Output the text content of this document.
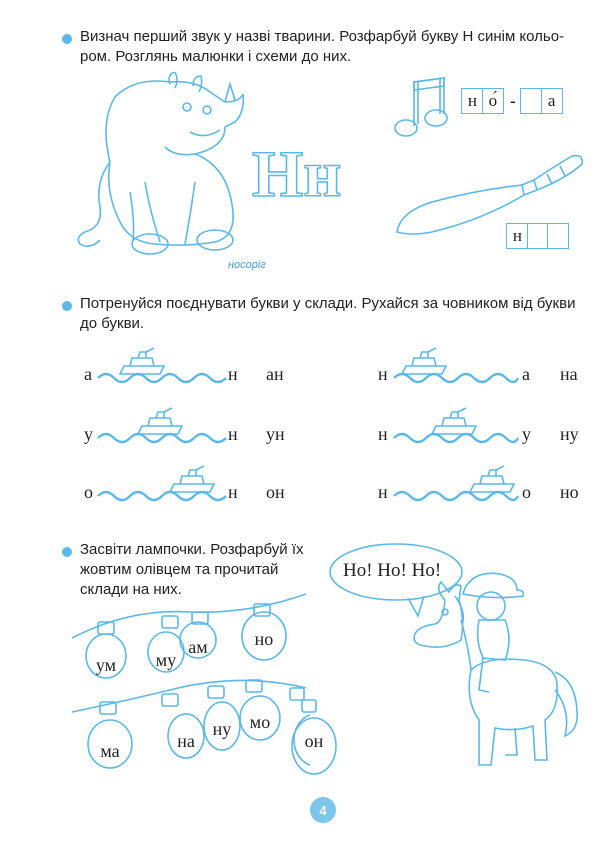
Визнач перший звук у назві тварини. Розфарбуй букву Н синім кольо-
ром. Розглянь малюнки і схеми до них.
носоріг
Нн
н о́ -	а
н
Потренуйся поєднувати букви у склади. Рухайся за човником від букви
до букви.
а	н ан
у	н ун
о	н он
н	а на
н	у ну
н	о но
Засвіти лампочки. Розфарбуй їх
жовтим олівцем та прочитай
склади на них.
ум	му
ам	но
ма	на
ну	мо
он
Но! Но! Но!
4
